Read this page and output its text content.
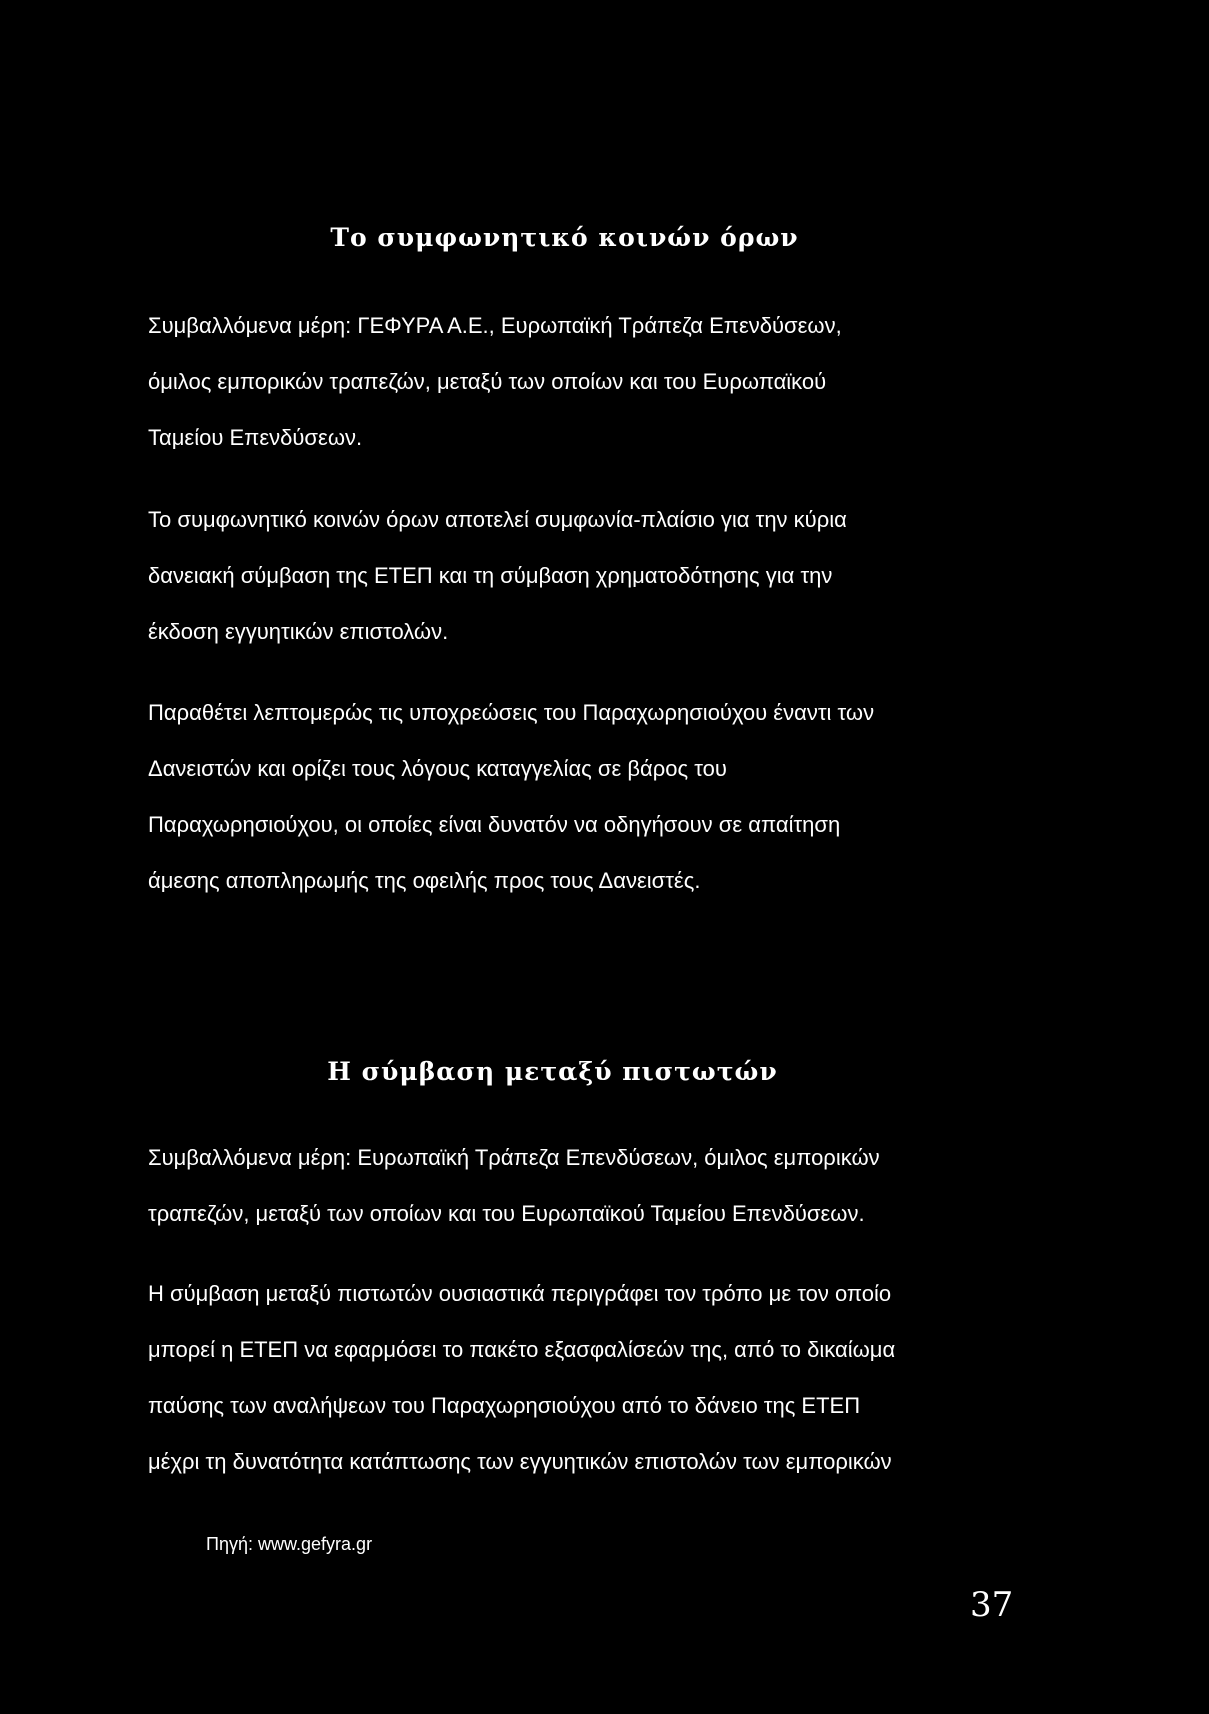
Το συμφωνητικό κοινών όρων

Συμβαλλόμενα μέρη: ΓΕΦΥΡΑ Α.Ε., Ευρωπαϊκή Τράπεζα Επενδύσεων,
όμιλος εμπορικών τραπεζών, μεταξύ των οποίων και του Ευρωπαϊκού
Ταμείου Επενδύσεων.

Το συμφωνητικό κοινών όρων αποτελεί συμφωνία-πλαίσιο για την κύρια
δανειακή σύμβαση της ΕΤΕΠ και τη σύμβαση χρηματοδότησης για την
έκδοση εγγυητικών επιστολών.

Παραθέτει λεπτομερώς τις υποχρεώσεις του Παραχωρησιούχου έναντι των
Δανειστών και ορίζει τους λόγους καταγγελίας σε βάρος του
Παραχωρησιούχου, οι οποίες είναι δυνατόν να οδηγήσουν σε απαίτηση
άμεσης αποπληρωμής της οφειλής προς τους Δανειστές.

Η σύμβαση μεταξύ πιστωτών

Συμβαλλόμενα μέρη: Ευρωπαϊκή Τράπεζα Επενδύσεων, όμιλος εμπορικών
τραπεζών, μεταξύ των οποίων και του Ευρωπαϊκού Ταμείου Επενδύσεων.

Η σύμβαση μεταξύ πιστωτών ουσιαστικά περιγράφει τον τρόπο με τον οποίο
μπορεί η ΕΤΕΠ να εφαρμόσει το πακέτο εξασφαλίσεών της, από το δικαίωμα
παύσης των αναλήψεων του Παραχωρησιούχου από το δάνειο της ΕΤΕΠ
μέχρι τη δυνατότητα κατάπτωσης των εγγυητικών επιστολών των εμπορικών

Πηγή: www.gefyra.gr

37
